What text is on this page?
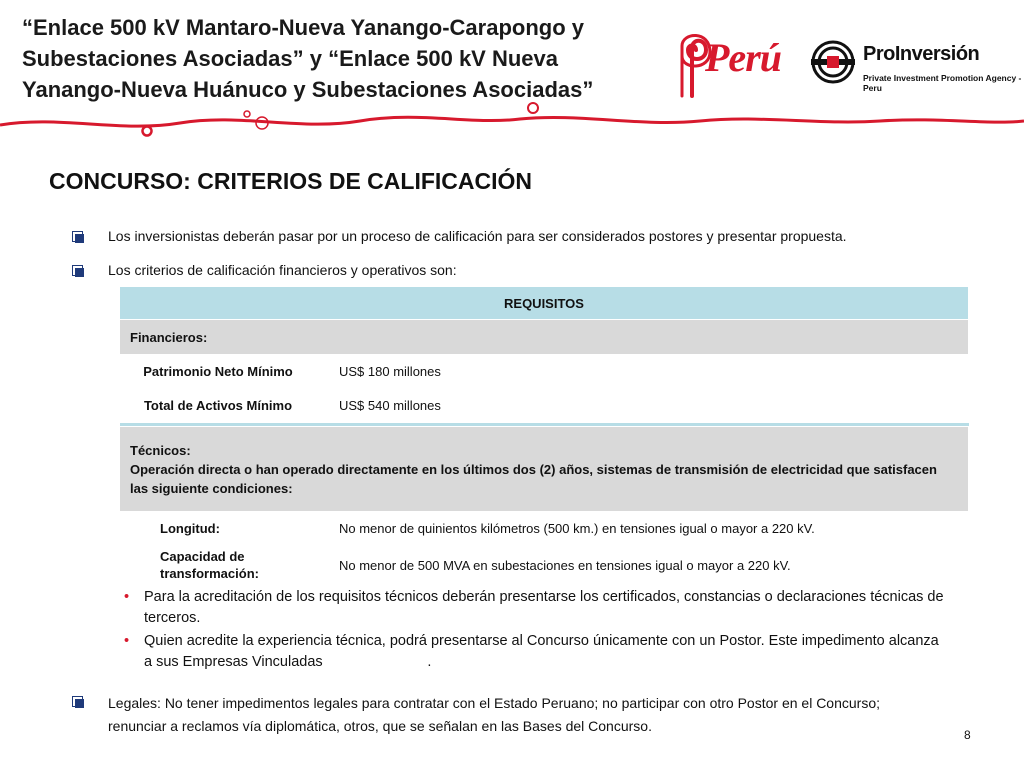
“Enlace 500 kV Mantaro-Nueva Yanango-Carapongo y Subestaciones Asociadas” y “Enlace 500 kV Nueva Yanango-Nueva Huánuco y Subestaciones Asociadas”
Perú	ProInversión
Private Investment Promotion Agency - Peru
CONCURSO: CRITERIOS DE CALIFICACIÓN
Los inversionistas deberán pasar por un proceso de calificación para ser considerados postores y presentar propuesta.
Los criterios de calificación financieros y operativos son:
REQUISITOS	
Financieros:	
Patrimonio Neto Mínimo	US$ 180 millones
Total de Activos Mínimo	US$ 540 millones

Técnicos:
Operación directa o han operado directamente en los últimos dos (2) años, sistemas de transmisión de electricidad que satisfacen las siguiente condiciones:	

Longitud:	No menor de quinientos kilómetros (500 km.) en tensiones igual o mayor a 220 kV.
Capacidad de transformación:	No menor de 500 MVA en subestaciones en tensiones igual o mayor a 220 kV.
• Para la acreditación de los requisitos técnicos deberán presentarse los certificados, constancias o declaraciones técnicas de terceros.
• Quien acredite la experiencia técnica, podrá presentarse al Concurso únicamente con un Postor. Este impedimento alcanza a sus Empresas Vinculadas                          .
Legales: No tener impedimentos legales para contratar con el Estado Peruano; no participar con otro Postor en el Concurso; renunciar a reclamos vía diplomática, otros, que se señalan en las Bases del Concurso.
8
